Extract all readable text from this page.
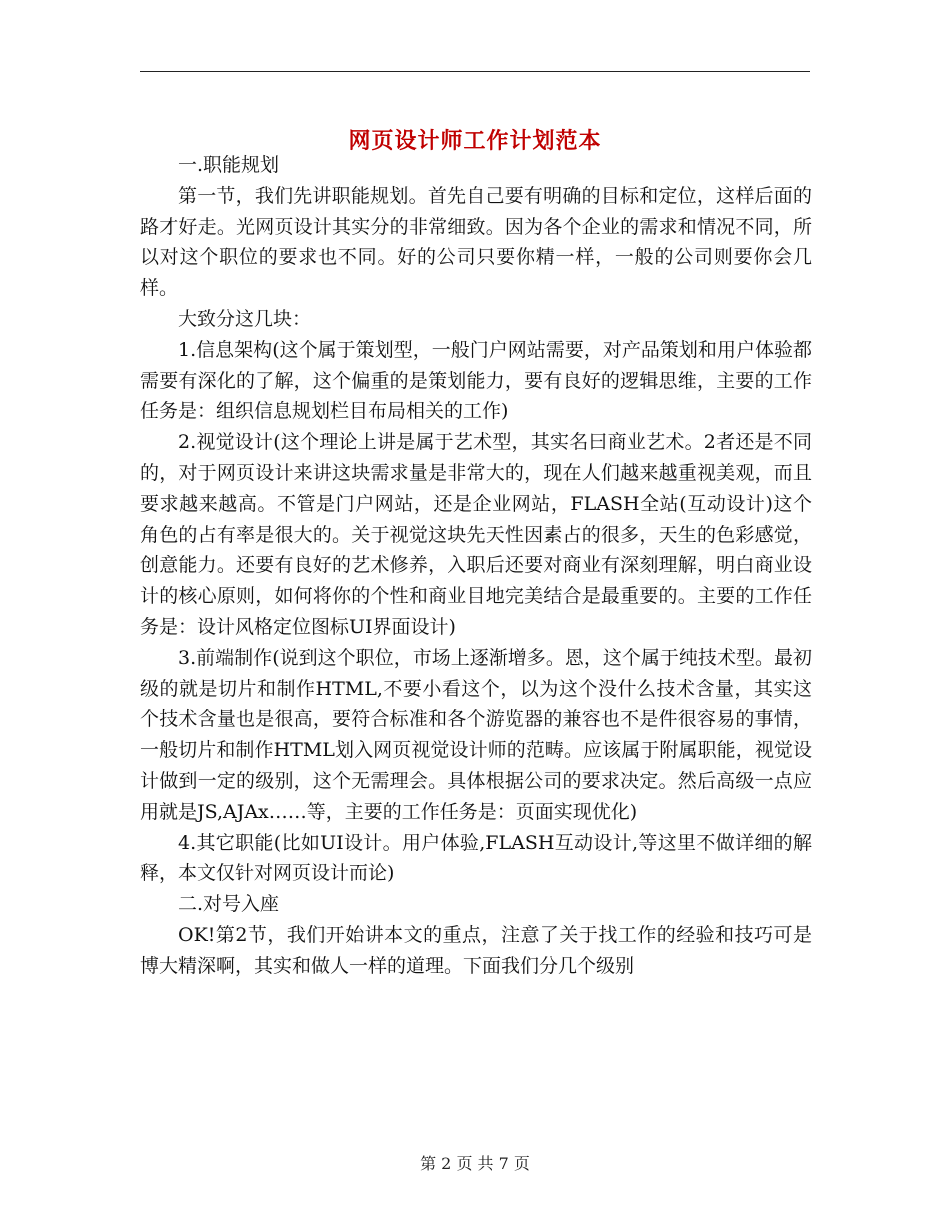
网页设计师工作计划范本

一.职能规划

第一节，我们先讲职能规划。首先自己要有明确的目标和定位，这样后面的路才好走。光网页设计其实分的非常细致。因为各个企业的需求和情况不同，所以对这个职位的要求也不同。好的公司只要你精一样，一般的公司则要你会几样。

大致分这几块：

1.信息架构(这个属于策划型，一般门户网站需要，对产品策划和用户体验都需要有深化的了解，这个偏重的是策划能力，要有良好的逻辑思维，主要的工作任务是：组织信息规划栏目布局相关的工作)

2.视觉设计(这个理论上讲是属于艺术型，其实名曰商业艺术。2者还是不同的，对于网页设计来讲这块需求量是非常大的，现在人们越来越重视美观，而且要求越来越高。不管是门户网站，还是企业网站，FLASH全站(互动设计)这个角色的占有率是很大的。关于视觉这块先天性因素占的很多，天生的色彩感觉，创意能力。还要有良好的艺术修养，入职后还要对商业有深刻理解，明白商业设计的核心原则，如何将你的个性和商业目地完美结合是最重要的。主要的工作任务是：设计风格定位图标UI界面设计)

3.前端制作(说到这个职位，市场上逐渐增多。恩，这个属于纯技术型。最初级的就是切片和制作HTML,不要小看这个，以为这个没什么技术含量，其实这个技术含量也是很高，要符合标准和各个游览器的兼容也不是件很容易的事情，一般切片和制作HTML划入网页视觉设计师的范畴。应该属于附属职能，视觉设计做到一定的级别，这个无需理会。具体根据公司的要求决定。然后高级一点应用就是JS,AJAx……等，主要的工作任务是：页面实现优化)

4.其它职能(比如UI设计。用户体验,FLASH互动设计,等这里不做详细的解释，本文仅针对网页设计而论)

二.对号入座

OK!第2节，我们开始讲本文的重点，注意了关于找工作的经验和技巧可是博大精深啊，其实和做人一样的道理。下面我们分几个级别

第 2 页 共 7 页
